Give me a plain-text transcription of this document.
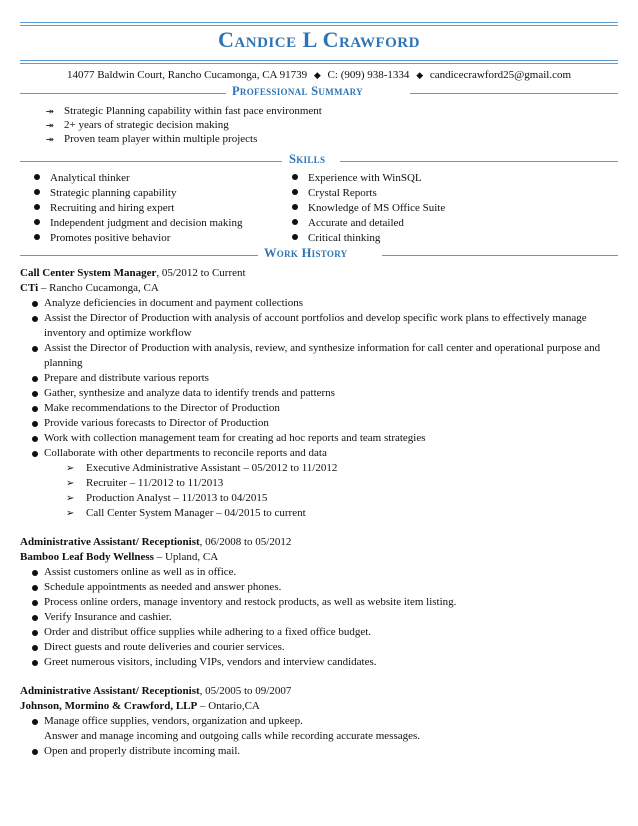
Candice L Crawford
14077 Baldwin Court, Rancho Cucamonga, CA 91739 ◆ C: (909) 938-1334 ◆ candicecrawford25@gmail.com
Professional Summary
⯮ Strategic Planning capability within fast pace environment
⯮ 2+ years of strategic decision making
⯮ Proven team player within multiple projects
Skills
Analytical thinker
Strategic planning capability
Recruiting and hiring expert
Independent judgment and decision making
Promotes positive behavior
Experience with WinSQL
Crystal Reports
Knowledge of MS Office Suite
Accurate and detailed
Critical thinking
Work History
Call Center System Manager, 05/2012 to Current
CTi – Rancho Cucamonga, CA
Analyze deficiencies in document and payment collections
Assist the Director of Production with analysis of account portfolios and develop specific work plans to effectively manage inventory and optimize workflow
Assist the Director of Production with analysis, review, and synthesize information for call center and operational purpose and planning
Prepare and distribute various reports
Gather, synthesize and analyze data to identify trends and patterns
Make recommendations to the Director of Production
Provide various forecasts to Director of Production
Work with collection management team for creating ad hoc reports and team strategies
Collaborate with other departments to reconcile reports and data
➢ Executive Administrative Assistant – 05/2012 to 11/2012
➢ Recruiter – 11/2012 to 11/2013
➢ Production Analyst – 11/2013 to 04/2015
➢ Call Center System Manager – 04/2015 to current
Administrative Assistant/ Receptionist, 06/2008 to 05/2012
Bamboo Leaf Body Wellness – Upland, CA
Assist customers online as well as in office.
Schedule appointments as needed and answer phones.
Process online orders, manage inventory and restock products, as well as website item listing.
Verify Insurance and cashier.
Order and distribut office supplies while adhering to a fixed office budget.
Direct guests and route deliveries and courier services.
Greet numerous visitors, including VIPs, vendors and interview candidates.
Administrative Assistant/ Receptionist, 05/2005 to 09/2007
Johnson, Mormino & Crawford, LLP – Ontario,CA
Manage office supplies, vendors, organization and upkeep.
Answer and manage incoming and outgoing calls while recording accurate messages.
Open and properly distribute incoming mail.
